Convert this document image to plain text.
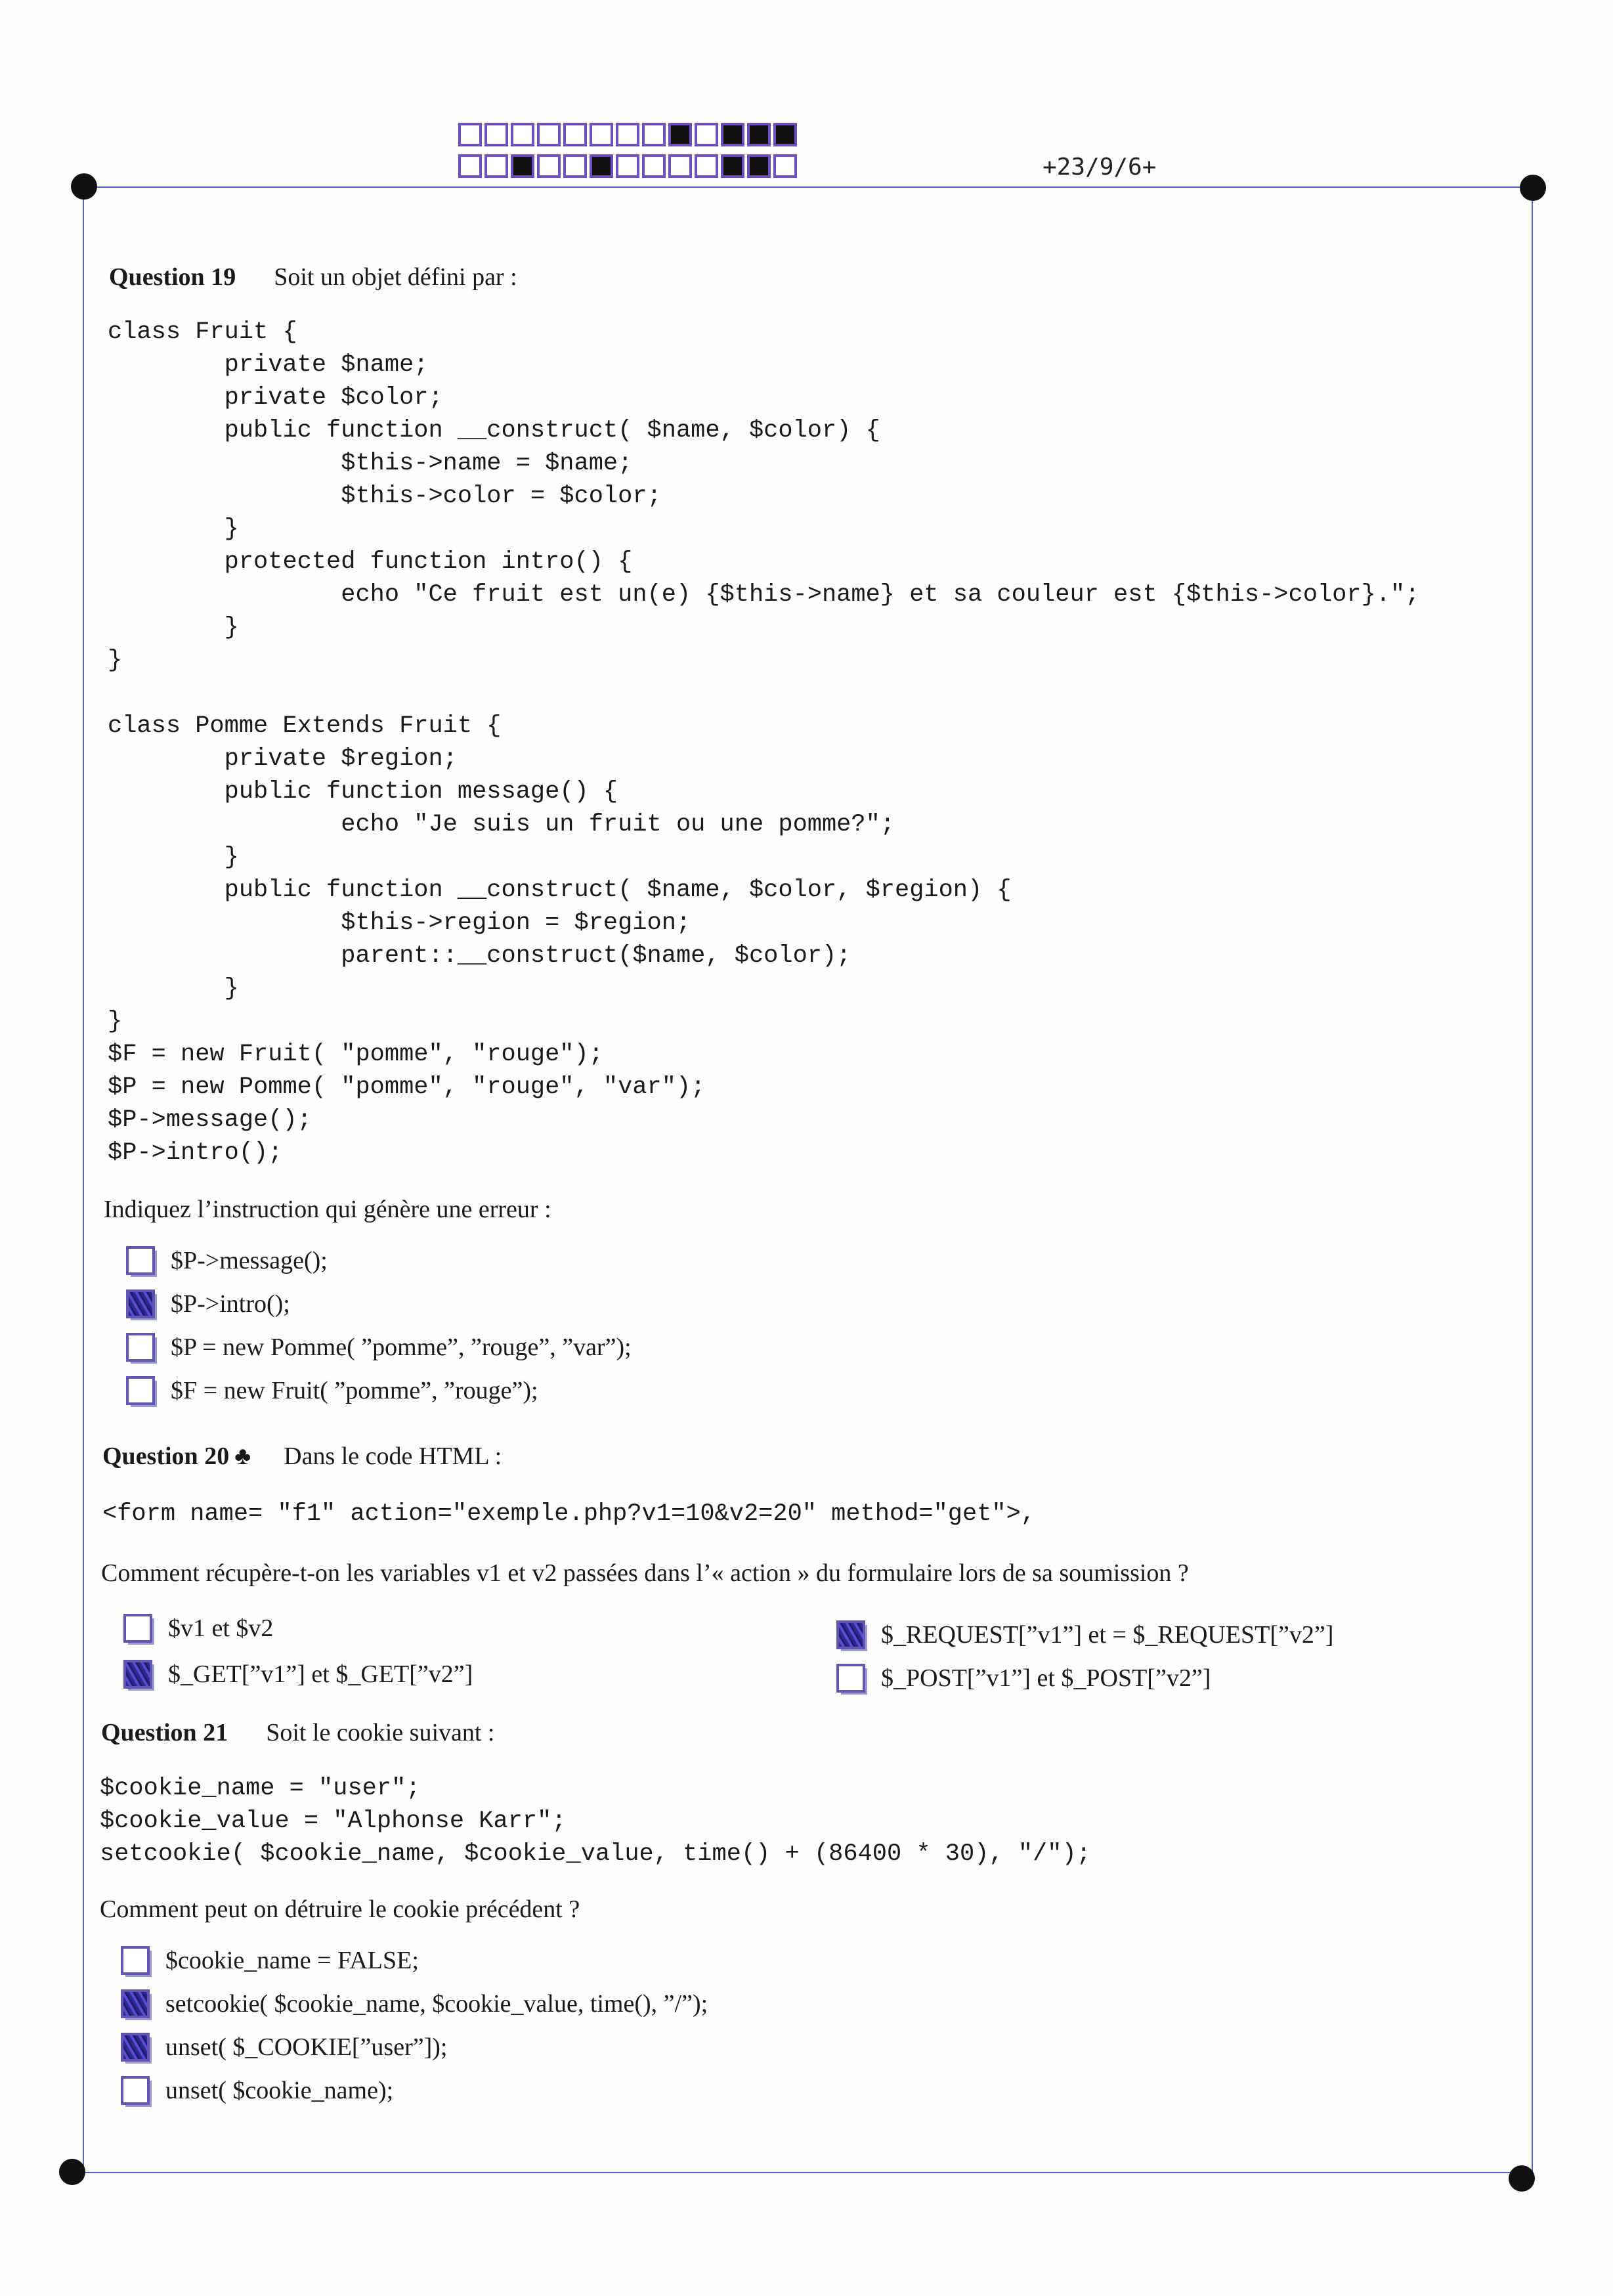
+23/9/6+
Question 19 Soit un objet défini par :
class Fruit {
private $name;
private $color;
public function __construct( $name, $color) {
$this->name = $name;
$this->color = $color;
}
protected function intro() {
echo "Ce fruit est un(e) {$this->name} et sa couleur est {$this->color}.";
}
}

class Pomme Extends Fruit {
private $region;
public function message() {
echo "Je suis un fruit ou une pomme?";
}
public function __construct( $name, $color, $region) {
$this->region = $region;
parent::__construct($name, $color);
}
}
$F = new Fruit( "pomme", "rouge");
$P = new Pomme( "pomme", "rouge", "var");
$P->message();
$P->intro();
Indiquez l’instruction qui génère une erreur :
$P->message();
$P->intro();
$P = new Pomme( ”pomme”, ”rouge”, ”var”);
$F = new Fruit( ”pomme”, ”rouge”);
Question 20 ♣ Dans le code HTML :
<form name= "f1" action="exemple.php?v1=10&v2=20" method="get">,
Comment récupère-t-on les variables v1 et v2 passées dans l’« action » du formulaire lors de sa soumission ?
$v1 et $v2
$_GET[”v1”] et $_GET[”v2”]
$_REQUEST[”v1”] et = $_REQUEST[”v2”]
$_POST[”v1”] et $_POST[”v2”]
Question 21 Soit le cookie suivant :
$cookie_name = "user";
$cookie_value = "Alphonse Karr";
setcookie( $cookie_name, $cookie_value, time() + (86400 * 30), "/");
Comment peut on détruire le cookie précédent ?
$cookie_name = FALSE;
setcookie( $cookie_name, $cookie_value, time(), ”/”);
unset( $_COOKIE[”user”]);
unset( $cookie_name);
